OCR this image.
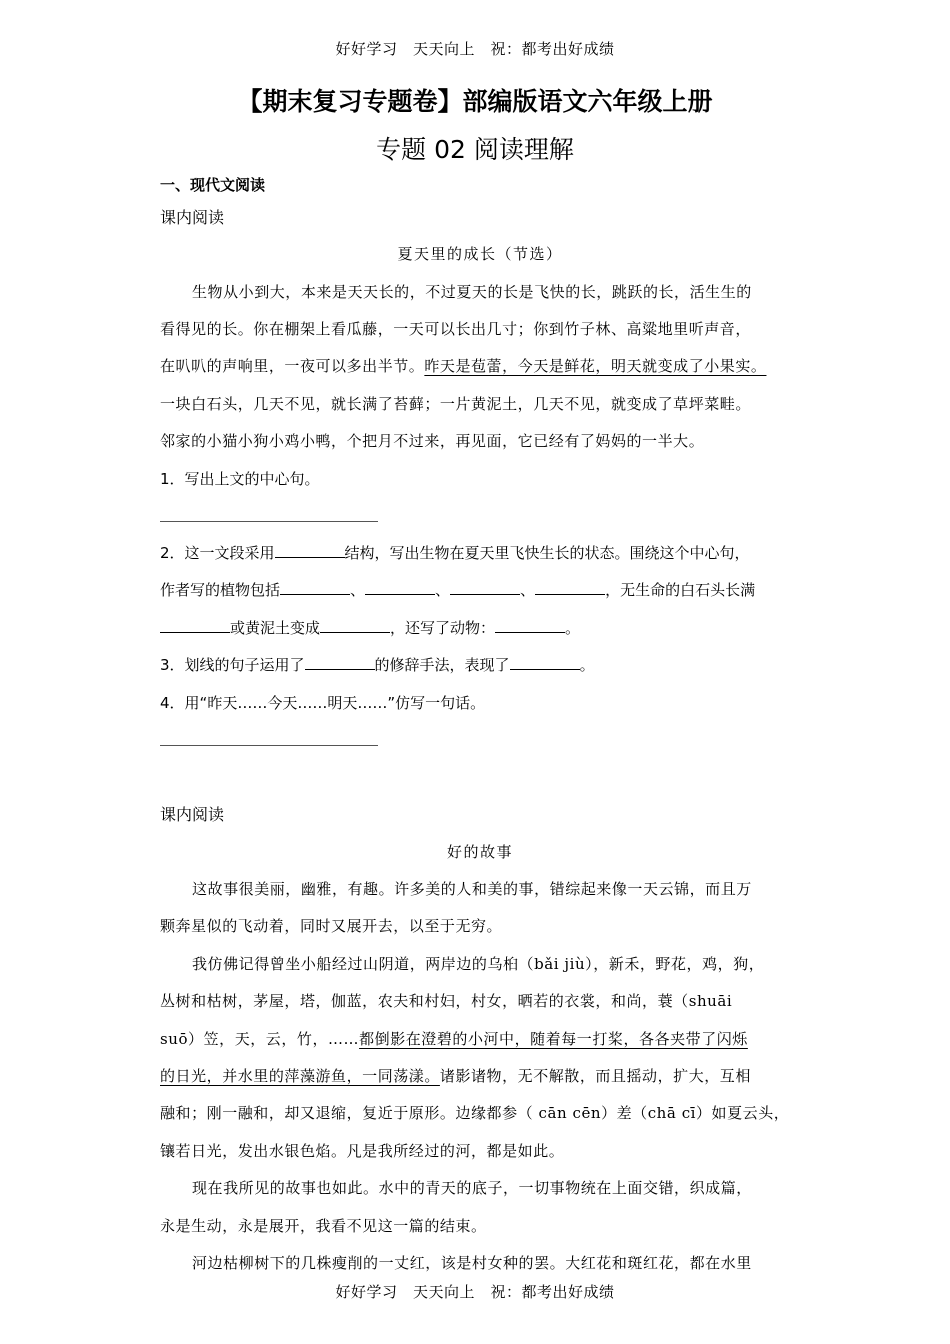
好好学习　天天向上　祝：都考出好成绩
【期末复习专题卷】部编版语文六年级上册
专题 02 阅读理解
一、现代文阅读
课内阅读
夏天里的成长（节选）
生物从小到大，本来是天天长的，不过夏天的长是飞快的长，跳跃的长，活生生的
看得见的长。你在棚架上看瓜藤，一天可以长出几寸；你到竹子林、高粱地里听声音，
在叭叭的声响里，一夜可以多出半节。昨天是苞蕾，今天是鲜花，明天就变成了小果实。
一块白石头，几天不见，就长满了苔藓；一片黄泥土，几天不见，就变成了草坪菜畦。
邻家的小猫小狗小鸡小鸭，个把月不过来，再见面，它已经有了妈妈的一半大。
1．写出上文的中心句。
2．这一文段采用	结构，写出生物在夏天里飞快生长的状态。围绕这个中心句，
作者写的植物包括	、	、	、	，无生命的白石头长满
或黄泥土变成	，还写了动物：	。
3．划线的句子运用了	的修辞手法，表现了	。
4．用“昨天……今天……明天……”仿写一句话。
课内阅读
好的故事
这故事很美丽，幽雅，有趣。许多美的人和美的事，错综起来像一天云锦，而且万
颗奔星似的飞动着，同时又展开去，以至于无穷。
我仿佛记得曾坐小船经过山阴道，两岸边的乌桕（bǎi jiù），新禾，野花，鸡，狗，
丛树和枯树，茅屋，塔，伽蓝，农夫和村妇，村女，晒若的衣裳，和尚，蓑（shuāi
suō）笠，天，云，竹，……都倒影在澄碧的小河中，随着每一打桨，各各夹带了闪烁
的日光，并水里的萍藻游鱼，一同荡漾。诸影诸物，无不解散，而且摇动，扩大，互相
融和；刚一融和，却又退缩，复近于原形。边缘都参（ cān cēn）差（chā cī）如夏云头，
镶若日光，发出水银色焰。凡是我所经过的河，都是如此。
现在我所见的故事也如此。水中的青天的底子，一切事物统在上面交错，织成篇，
永是生动，永是展开，我看不见这一篇的结束。
河边枯柳树下的几株瘦削的一丈红，该是村女种的罢。大红花和斑红花，都在水里
好好学习　天天向上　祝：都考出好成绩
